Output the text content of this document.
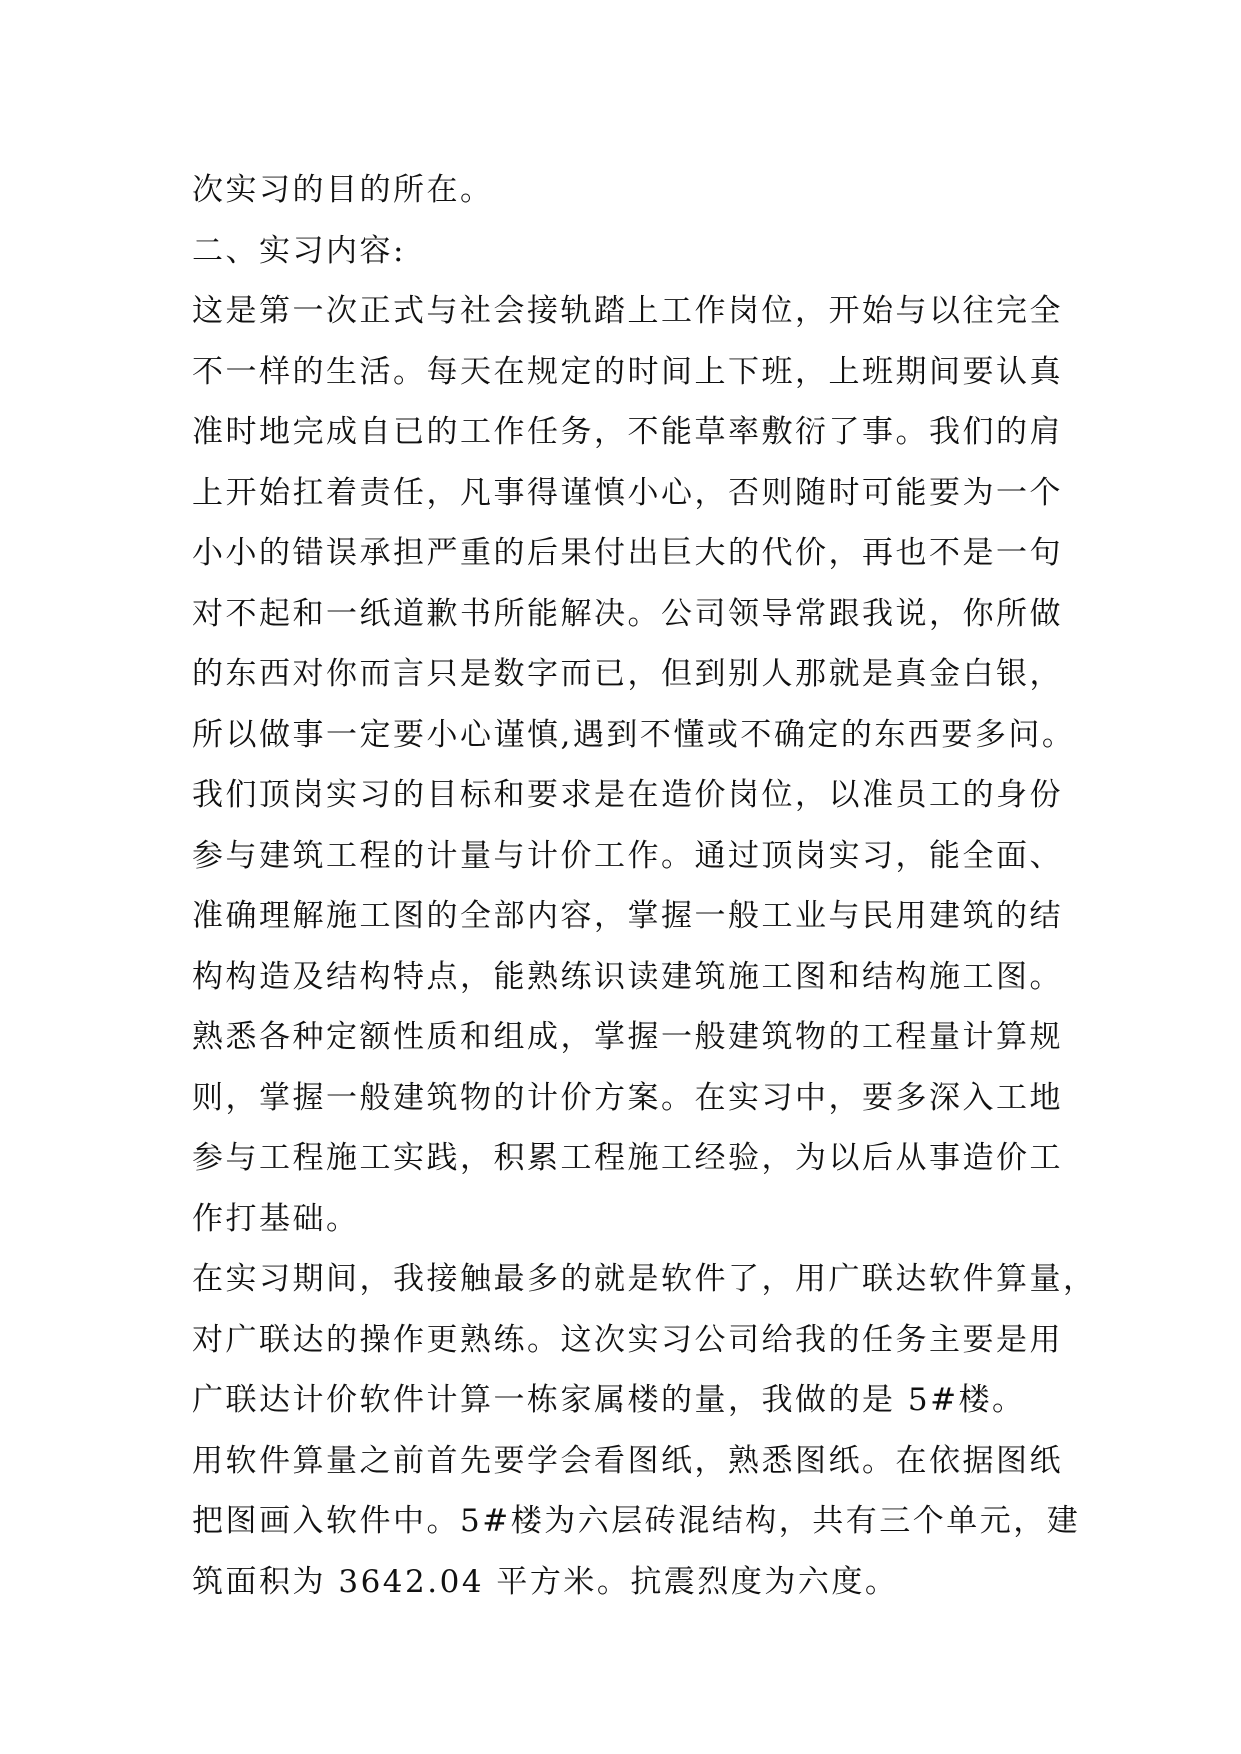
次实习的目的所在。
二、实习内容:
这是第一次正式与社会接轨踏上工作岗位，开始与以往完全
不一样的生活。每天在规定的时间上下班，上班期间要认真
准时地完成自已的工作任务，不能草率敷衍了事。我们的肩
上开始扛着责任，凡事得谨慎小心，否则随时可能要为一个
小小的错误承担严重的后果付出巨大的代价，再也不是一句
对不起和一纸道歉书所能解决。公司领导常跟我说，你所做
的东西对你而言只是数字而已，但到别人那就是真金白银，
所以做事一定要小心谨慎,遇到不懂或不确定的东西要多问。
我们顶岗实习的目标和要求是在造价岗位，以准员工的身份
参与建筑工程的计量与计价工作。通过顶岗实习，能全面、
准确理解施工图的全部内容，掌握一般工业与民用建筑的结
构构造及结构特点，能熟练识读建筑施工图和结构施工图。
熟悉各种定额性质和组成，掌握一般建筑物的工程量计算规
则，掌握一般建筑物的计价方案。在实习中，要多深入工地
参与工程施工实践，积累工程施工经验，为以后从事造价工
作打基础。
在实习期间，我接触最多的就是软件了，用广联达软件算量，
对广联达的操作更熟练。这次实习公司给我的任务主要是用
广联达计价软件计算一栋家属楼的量，我做的是 5#楼。
用软件算量之前首先要学会看图纸，熟悉图纸。在依据图纸
把图画入软件中。5#楼为六层砖混结构，共有三个单元，建
筑面积为 3642.04 平方米。抗震烈度为六度。
